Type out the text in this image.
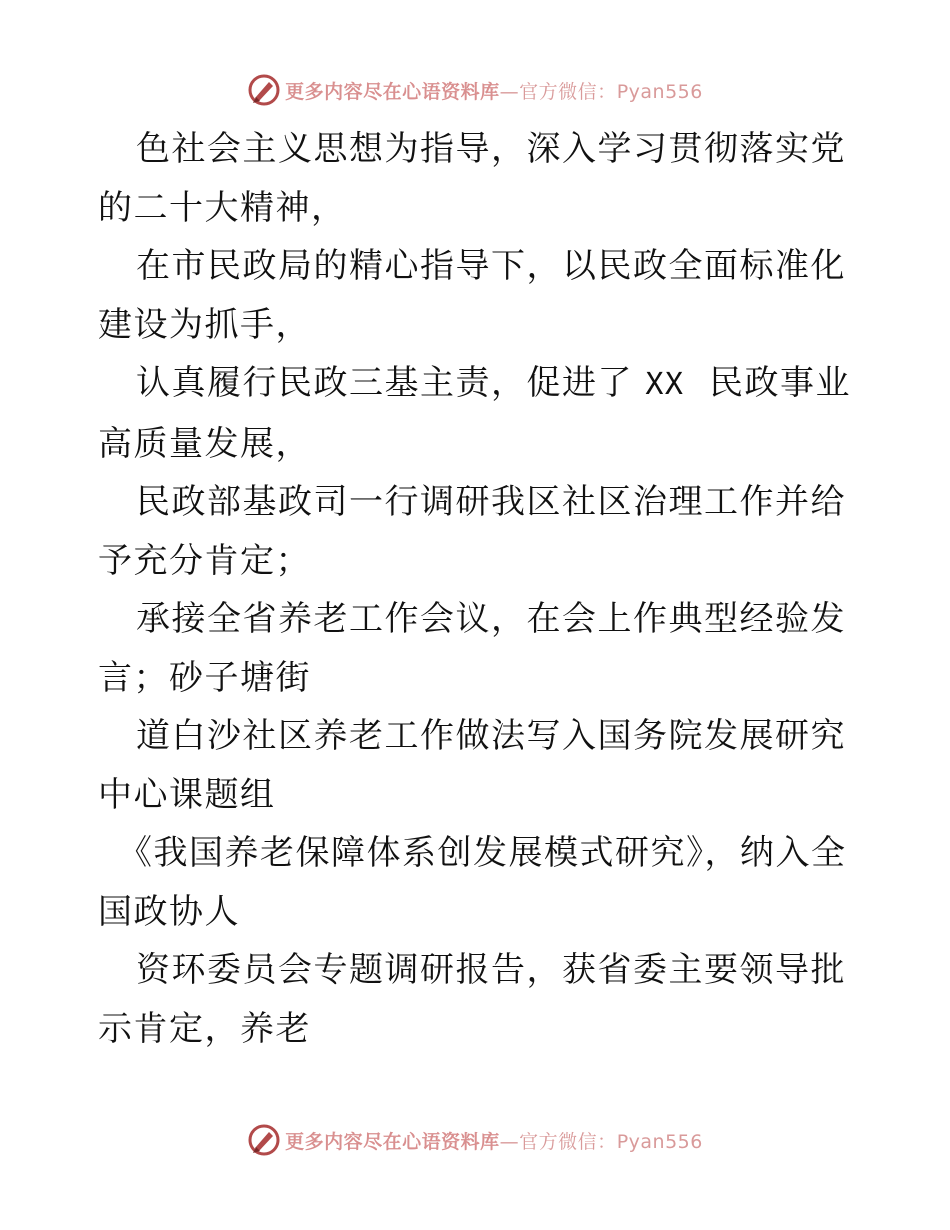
更多内容尽在心语资料库—官方微信：Pyan556

色社会主义思想为指导，深入学习贯彻落实党的二十大精神，

在市民政局的精心指导下，以民政全面标准化建设为抓手，

认真履行民政三基主责，促进了 XX  民政事业高质量发展，

民政部基政司一行调研我区社区治理工作并给予充分肯定；

承接全省养老工作会议，在会上作典型经验发言；砂子塘街

道白沙社区养老工作做法写入国务院发展研究中心课题组

《我国养老保障体系创发展模式研究》，纳入全国政协人

资环委员会专题调研报告，获省委主要领导批示肯定，养老

更多内容尽在心语资料库—官方微信：Pyan556
